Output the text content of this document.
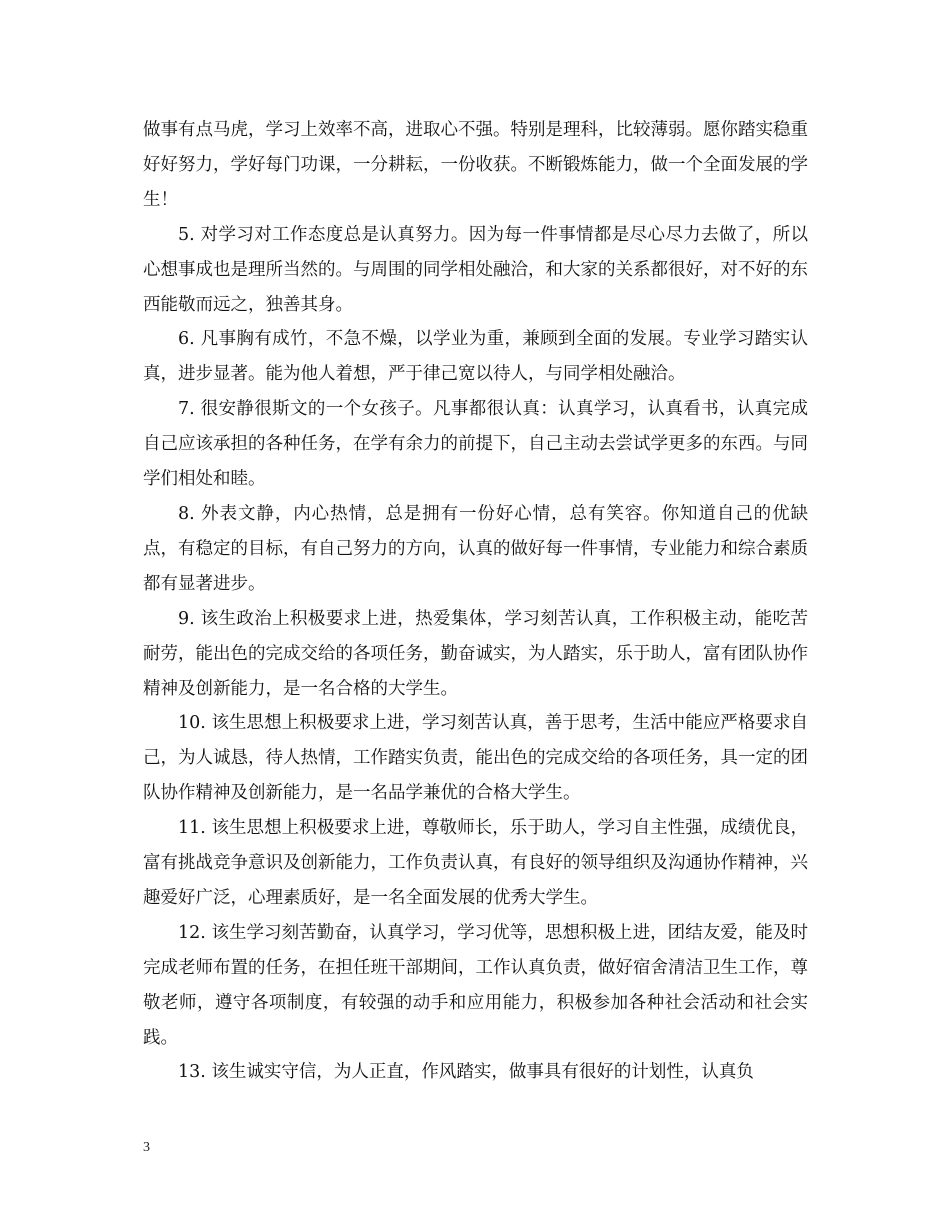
做事有点马虎，学习上效率不高，进取心不强。特别是理科，比较薄弱。愿你踏实稳重好好努力，学好每门功课，一分耕耘，一份收获。不断锻炼能力，做一个全面发展的学生！

5. 对学习对工作态度总是认真努力。因为每一件事情都是尽心尽力去做了，所以心想事成也是理所当然的。与周围的同学相处融洽，和大家的关系都很好，对不好的东西能敬而远之，独善其身。

6. 凡事胸有成竹，不急不燥，以学业为重，兼顾到全面的发展。专业学习踏实认真，进步显著。能为他人着想，严于律己宽以待人，与同学相处融洽。

7. 很安静很斯文的一个女孩子。凡事都很认真：认真学习，认真看书，认真完成自己应该承担的各种任务，在学有余力的前提下，自己主动去尝试学更多的东西。与同学们相处和睦。

8. 外表文静，内心热情，总是拥有一份好心情，总有笑容。你知道自己的优缺点，有稳定的目标，有自己努力的方向，认真的做好每一件事情，专业能力和综合素质都有显著进步。

9. 该生政治上积极要求上进，热爱集体，学习刻苦认真，工作积极主动，能吃苦耐劳，能出色的完成交给的各项任务，勤奋诚实，为人踏实，乐于助人，富有团队协作精神及创新能力，是一名合格的大学生。

10. 该生思想上积极要求上进，学习刻苦认真，善于思考，生活中能应严格要求自己，为人诚恳，待人热情，工作踏实负责，能出色的完成交给的各项任务，具一定的团队协作精神及创新能力，是一名品学兼优的合格大学生。

11. 该生思想上积极要求上进，尊敬师长，乐于助人，学习自主性强，成绩优良，富有挑战竞争意识及创新能力，工作负责认真，有良好的领导组织及沟通协作精神，兴趣爱好广泛，心理素质好，是一名全面发展的优秀大学生。

12. 该生学习刻苦勤奋，认真学习，学习优等，思想积极上进，团结友爱，能及时完成老师布置的任务，在担任班干部期间，工作认真负责，做好宿舍清洁卫生工作，尊敬老师，遵守各项制度，有较强的动手和应用能力，积极参加各种社会活动和社会实践。

13. 该生诚实守信，为人正直，作风踏实，做事具有很好的计划性，认真负

3
